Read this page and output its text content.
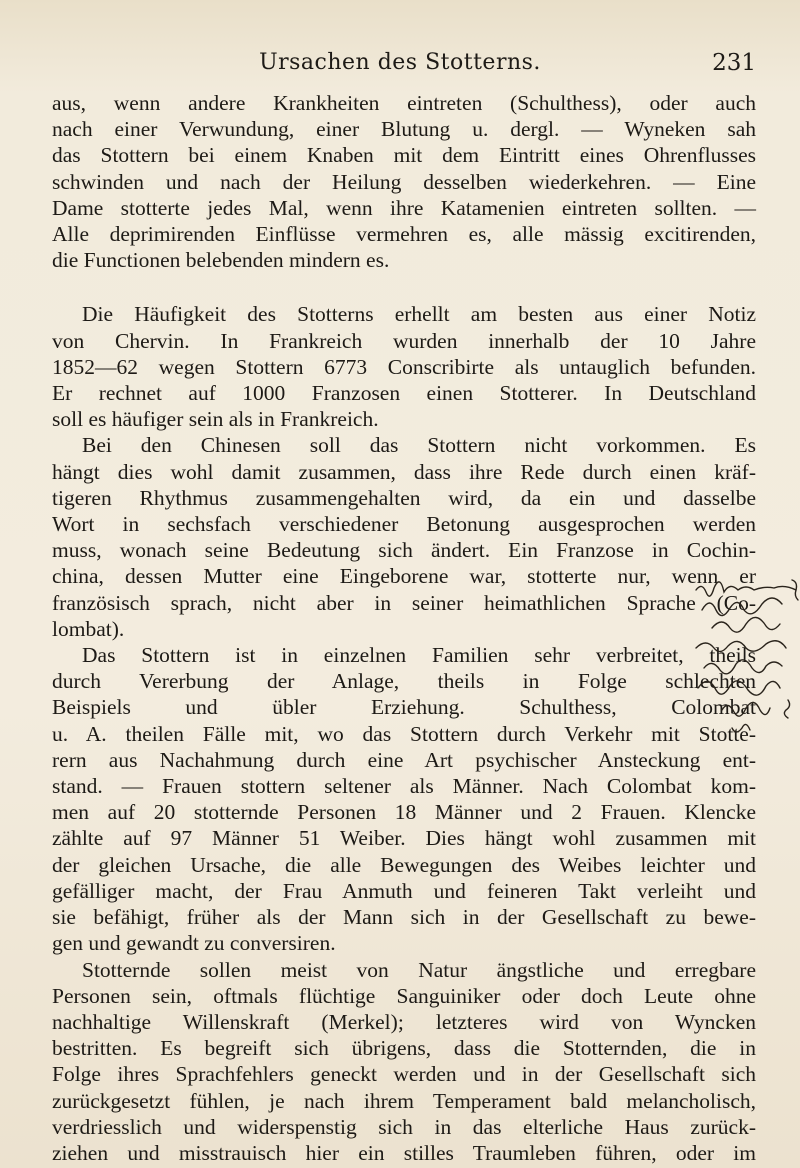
Ursachen des Stotterns.	231
aus, wenn andere Krankheiten eintreten (Schulthess), oder auch
nach einer Verwundung, einer Blutung u. dergl. — Wyneken sah
das Stottern bei einem Knaben mit dem Eintritt eines Ohrenflusses
schwinden und nach der Heilung desselben wiederkehren. — Eine
Dame stotterte jedes Mal, wenn ihre Katamenien eintreten sollten. —
Alle deprimirenden Einflüsse vermehren es, alle mässig excitirenden,
die Functionen belebenden mindern es.
Die Häufigkeit des Stotterns erhellt am besten aus einer Notiz
von Chervin. In Frankreich wurden innerhalb der 10 Jahre
1852—62 wegen Stottern 6773 Conscribirte als untauglich befunden.
Er rechnet auf 1000 Franzosen einen Stotterer. In Deutschland
soll es häufiger sein als in Frankreich.
Bei den Chinesen soll das Stottern nicht vorkommen. Es
hängt dies wohl damit zusammen, dass ihre Rede durch einen kräf-
tigeren Rhythmus zusammengehalten wird, da ein und dasselbe
Wort in sechsfach verschiedener Betonung ausgesprochen werden
muss, wonach seine Bedeutung sich ändert. Ein Franzose in Cochin-
china, dessen Mutter eine Eingeborene war, stotterte nur, wenn er
französisch sprach, nicht aber in seiner heimathlichen Sprache (Co-
lombat).
Das Stottern ist in einzelnen Familien sehr verbreitet, theils
durch Vererbung der Anlage, theils in Folge schlechten
Beispiels und übler Erziehung. Schulthess, Colombat
u. A. theilen Fälle mit, wo das Stottern durch Verkehr mit Stotte-
rern aus Nachahmung durch eine Art psychischer Ansteckung ent-
stand. — Frauen stottern seltener als Männer. Nach Colombat kom-
men auf 20 stotternde Personen 18 Männer und 2 Frauen. Klencke
zählte auf 97 Männer 51 Weiber. Dies hängt wohl zusammen mit
der gleichen Ursache, die alle Bewegungen des Weibes leichter und
gefälliger macht, der Frau Anmuth und feineren Takt verleiht und
sie befähigt, früher als der Mann sich in der Gesellschaft zu bewe-
gen und gewandt zu conversiren.
Stotternde sollen meist von Natur ängstliche und erregbare
Personen sein, oftmals flüchtige Sanguiniker oder doch Leute ohne
nachhaltige Willenskraft (Merkel); letzteres wird von Wyncken
bestritten. Es begreift sich übrigens, dass die Stotternden, die in
Folge ihres Sprachfehlers geneckt werden und in der Gesellschaft sich
zurückgesetzt fühlen, je nach ihrem Temperament bald melancholisch,
verdriesslich und widerspenstig sich in das elterliche Haus zurück-
ziehen und misstrauisch hier ein stilles Traumleben führen, oder im
